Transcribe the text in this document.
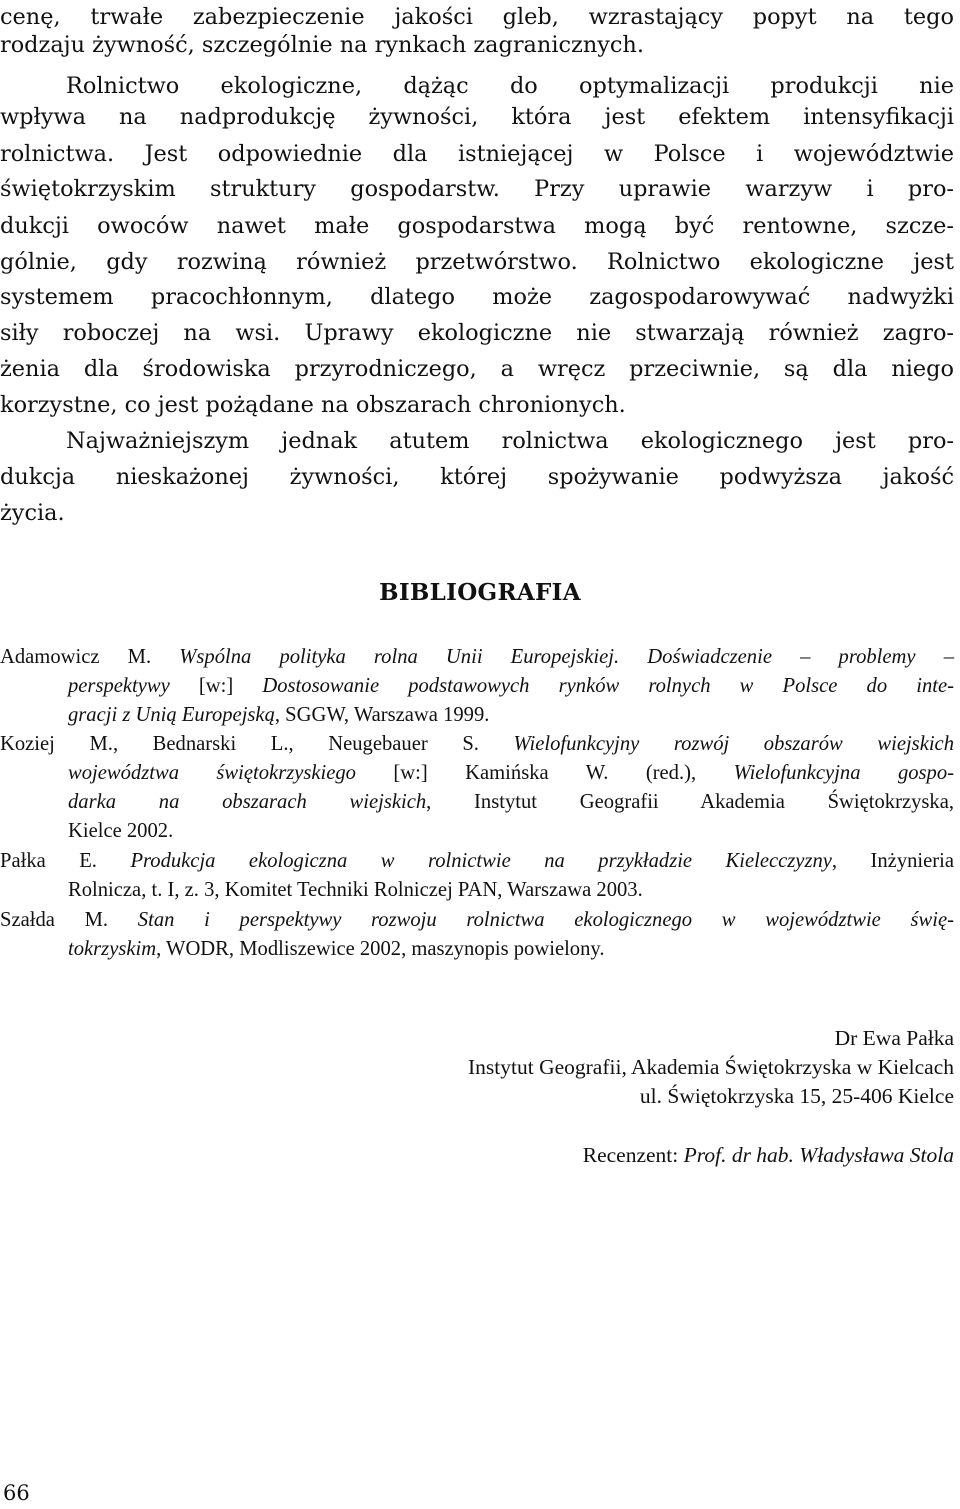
cenę, trwałe zabezpieczenie jakości gleb, wzrastający popyt na tego
rodzaju żywność, szczególnie na rynkach zagranicznych.
Rolnictwo ekologiczne, dążąc do optymalizacji produkcji nie
wpływa na nadprodukcję żywności, która jest efektem intensyfikacji
rolnictwa. Jest odpowiednie dla istniejącej w Polsce i województwie
świętokrzyskim struktury gospodarstw. Przy uprawie warzyw i pro-
dukcji owoców nawet małe gospodarstwa mogą być rentowne, szcze-
gólnie, gdy rozwiną również przetwórstwo. Rolnictwo ekologiczne jest
systemem pracochłonnym, dlatego może zagospodarowywać nadwyżki
siły roboczej na wsi. Uprawy ekologiczne nie stwarzają również zagro-
żenia dla środowiska przyrodniczego, a wręcz przeciwnie, są dla niego
korzystne, co jest pożądane na obszarach chronionych.
Najważniejszym jednak atutem rolnictwa ekologicznego jest pro-
dukcja nieskażonej żywności, której spożywanie podwyższa jakość
życia.
BIBLIOGRAFIA
Adamowicz M. Wspólna polityka rolna Unii Europejskiej. Doświadczenie – problemy –
perspektywy [w:] Dostosowanie podstawowych rynków rolnych w Polsce do inte-
gracji z Unią Europejską, SGGW, Warszawa 1999.
Koziej M., Bednarski L., Neugebauer S. Wielofunkcyjny rozwój obszarów wiejskich
województwa świętokrzyskiego [w:] Kamińska W. (red.), Wielofunkcyjna gospo-
darka na obszarach wiejskich, Instytut Geografii Akademia Świętokrzyska,
Kielce 2002.
Pałka E. Produkcja ekologiczna w rolnictwie na przykładzie Kielecczyzny, Inżynieria
Rolnicza, t. I, z. 3, Komitet Techniki Rolniczej PAN, Warszawa 2003.
Szałda M. Stan i perspektywy rozwoju rolnictwa ekologicznego w województwie świę-
tokrzyskim, WODR, Modliszewice 2002, maszynopis powielony.
Dr Ewa Pałka
Instytut Geografii, Akademia Świętokrzyska w Kielcach
ul. Świętokrzyska 15, 25-406 Kielce
Recenzent: Prof. dr hab. Władysława Stola
66
